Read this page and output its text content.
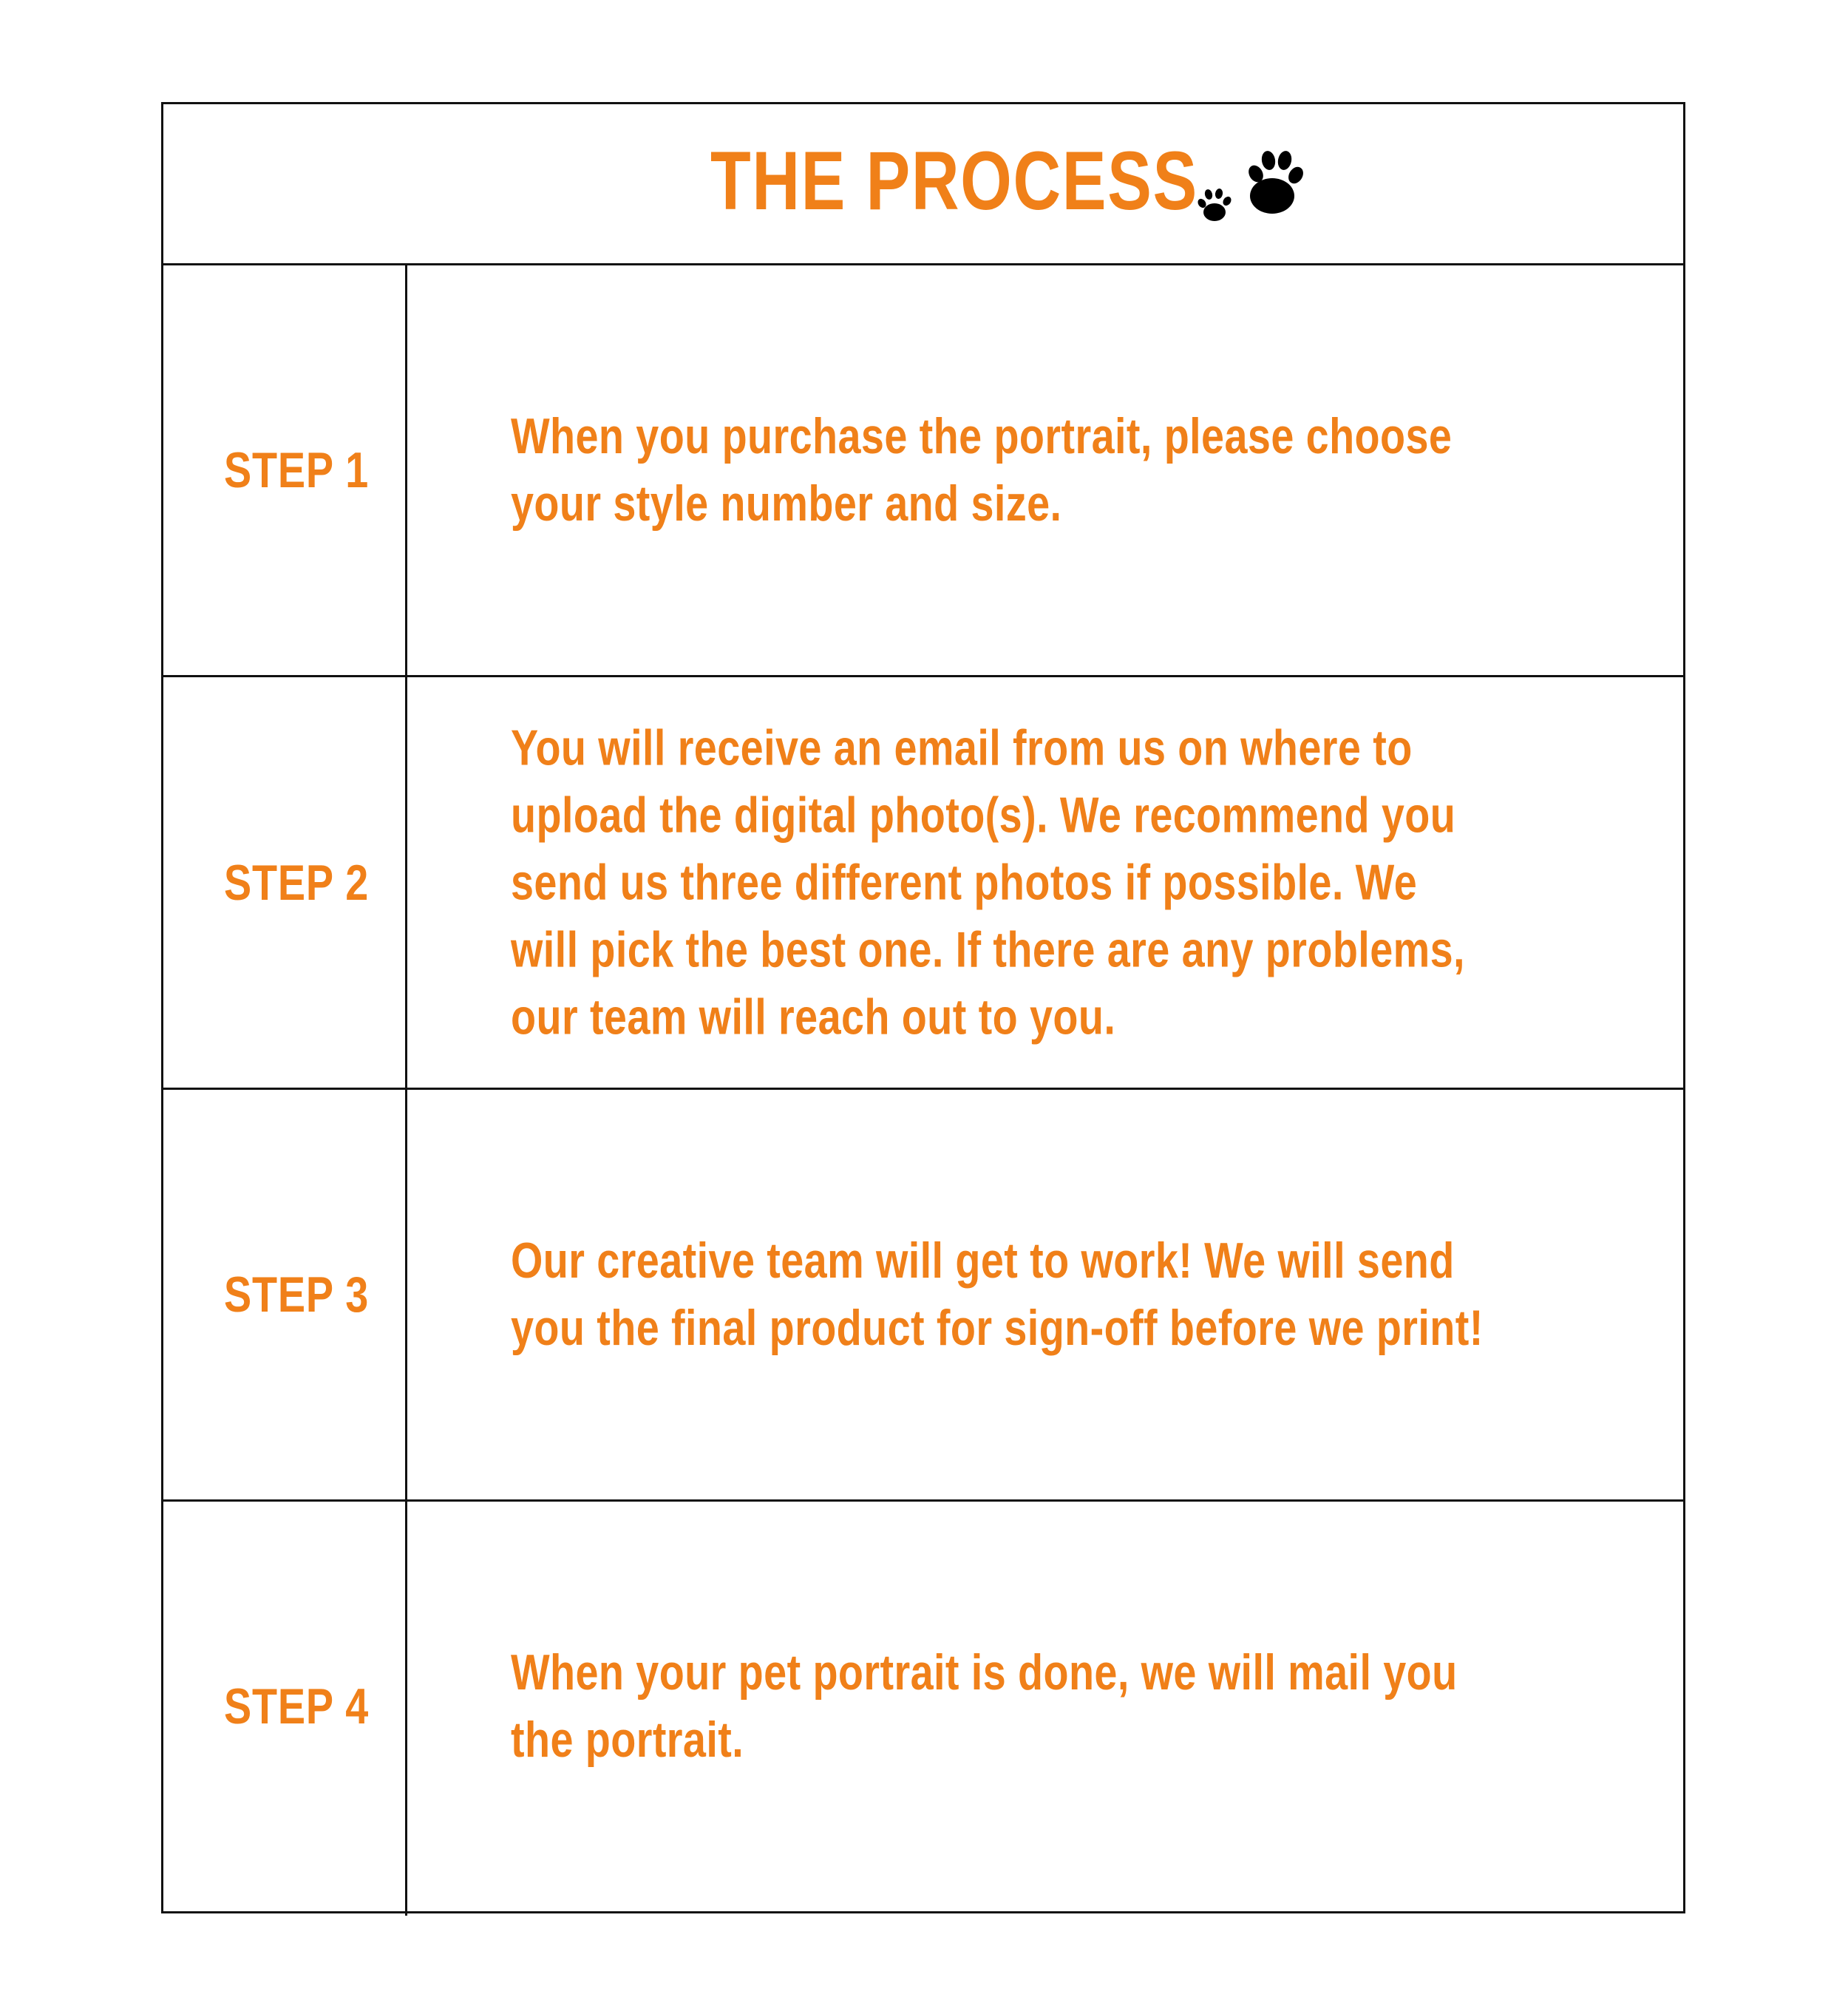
THE PROCESS
STEP 1
When you purchase the portrait, please choose your style number and size.
STEP 2
You will receive an email from us on where to upload the digital photo(s). We recommend you send us three different photos if possible. We will pick the best one. If there are any problems, our team will reach out to you.
STEP 3
Our creative team will get to work! We will send you the final product for sign-off before we print!
STEP 4
When your pet portrait is done, we will mail you the portrait.
